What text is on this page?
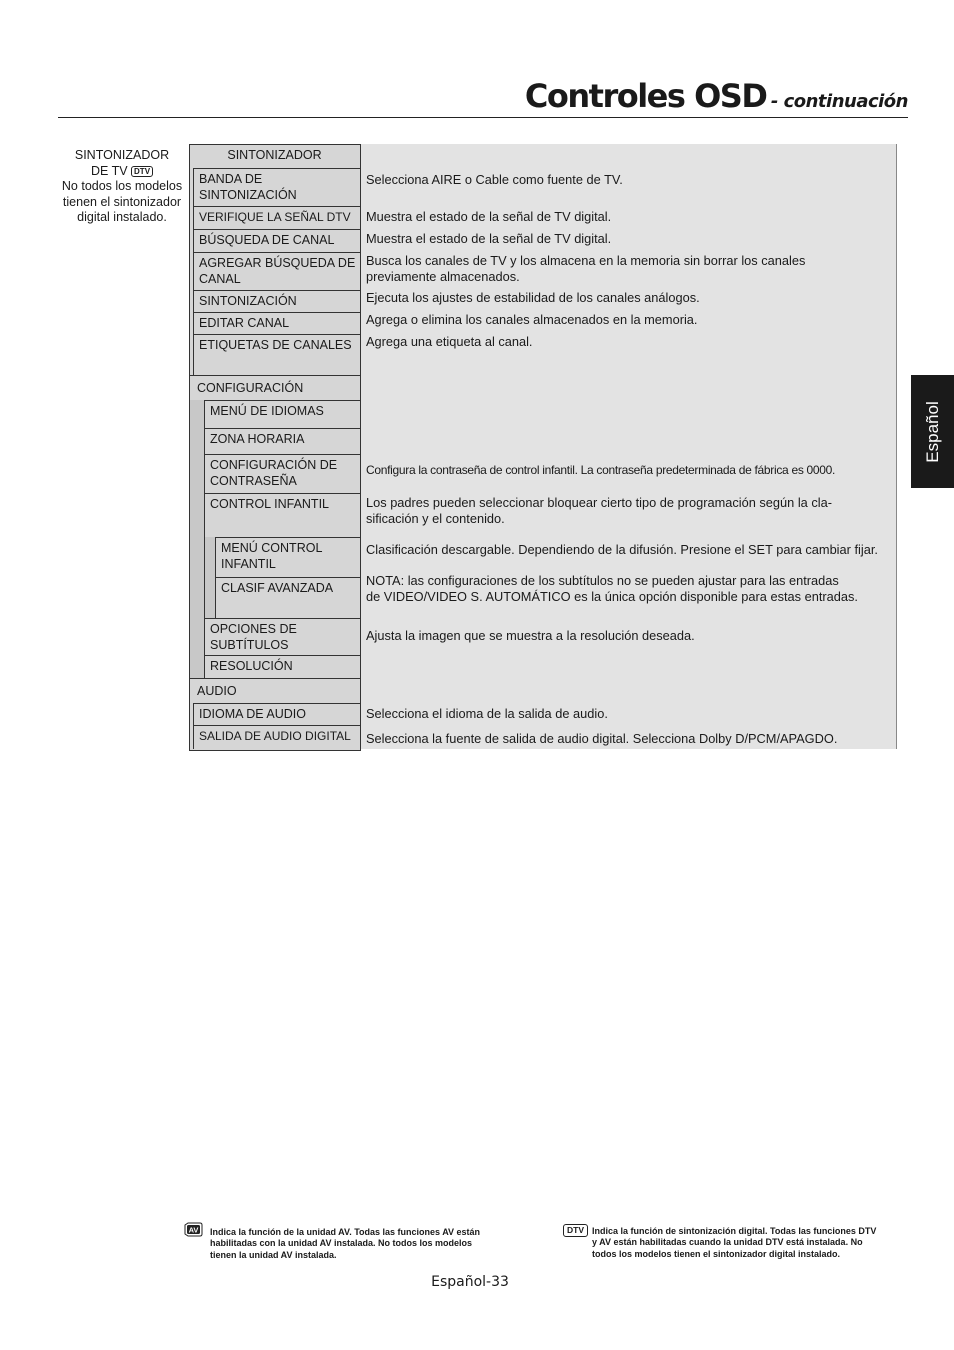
Controles OSD - continuación
SINTONIZADOR
DE TV DTV
No todos los modelos
tienen el sintonizador
digital instalado.
Español
SINTONIZADOR
BANDA DE SINTONIZACIÓN
VERIFIQUE LA SEÑAL DTV
BÚSQUEDA DE CANAL
AGREGAR BÚSQUEDA DE CANAL
SINTONIZACIÓN
EDITAR CANAL
ETIQUETAS DE CANALES
CONFIGURACIÓN
MENÚ DE IDIOMAS
ZONA HORARIA
CONFIGURACIÓN DE CONTRASEÑA
CONTROL INFANTIL
MENÚ CONTROL INFANTIL
CLASIF AVANZADA
OPCIONES DE SUBTÍTULOS
RESOLUCIÓN
AUDIO
IDIOMA DE AUDIO
SALIDA DE AUDIO DIGITAL
Selecciona AIRE o Cable como fuente de TV.
Muestra el estado de la señal de TV digital.
Muestra el estado de la señal de TV digital.
Busca los canales de TV y los almacena en la memoria sin borrar los canales
previamente almacenados.
Ejecuta los ajustes de estabilidad de los canales análogos.
Agrega o elimina los canales almacenados en la memoria.
Agrega una etiqueta al canal.
Configura la contraseña de control infantil. La contraseña predeterminada de fábrica es 0000.
Los padres pueden seleccionar bloquear cierto tipo de programación según la cla-
sificación y el contenido.
Clasificación descargable. Dependiendo de la difusión. Presione el SET para cambiar fijar.
NOTA: las configuraciones de los subtítulos no se pueden ajustar para las entradas
de VIDEO/VIDEO S. AUTOMÁTICO es la única opción disponible para estas entradas.
Ajusta la imagen que se muestra a la resolución deseada.
Selecciona el idioma de la salida de audio.
Selecciona la fuente de salida de audio digital. Selecciona Dolby D/PCM/APAGDO.
AV Indica la función de la unidad AV. Todas las funciones AV están
habilitadas con la unidad AV instalada. No todos los modelos
tienen la unidad AV instalada.
DTV Indica la función de sintonización digital. Todas las funciones DTV
y AV están habilitadas cuando la unidad DTV está instalada. No
todos los modelos tienen el sintonizador digital instalado.
Español-33
